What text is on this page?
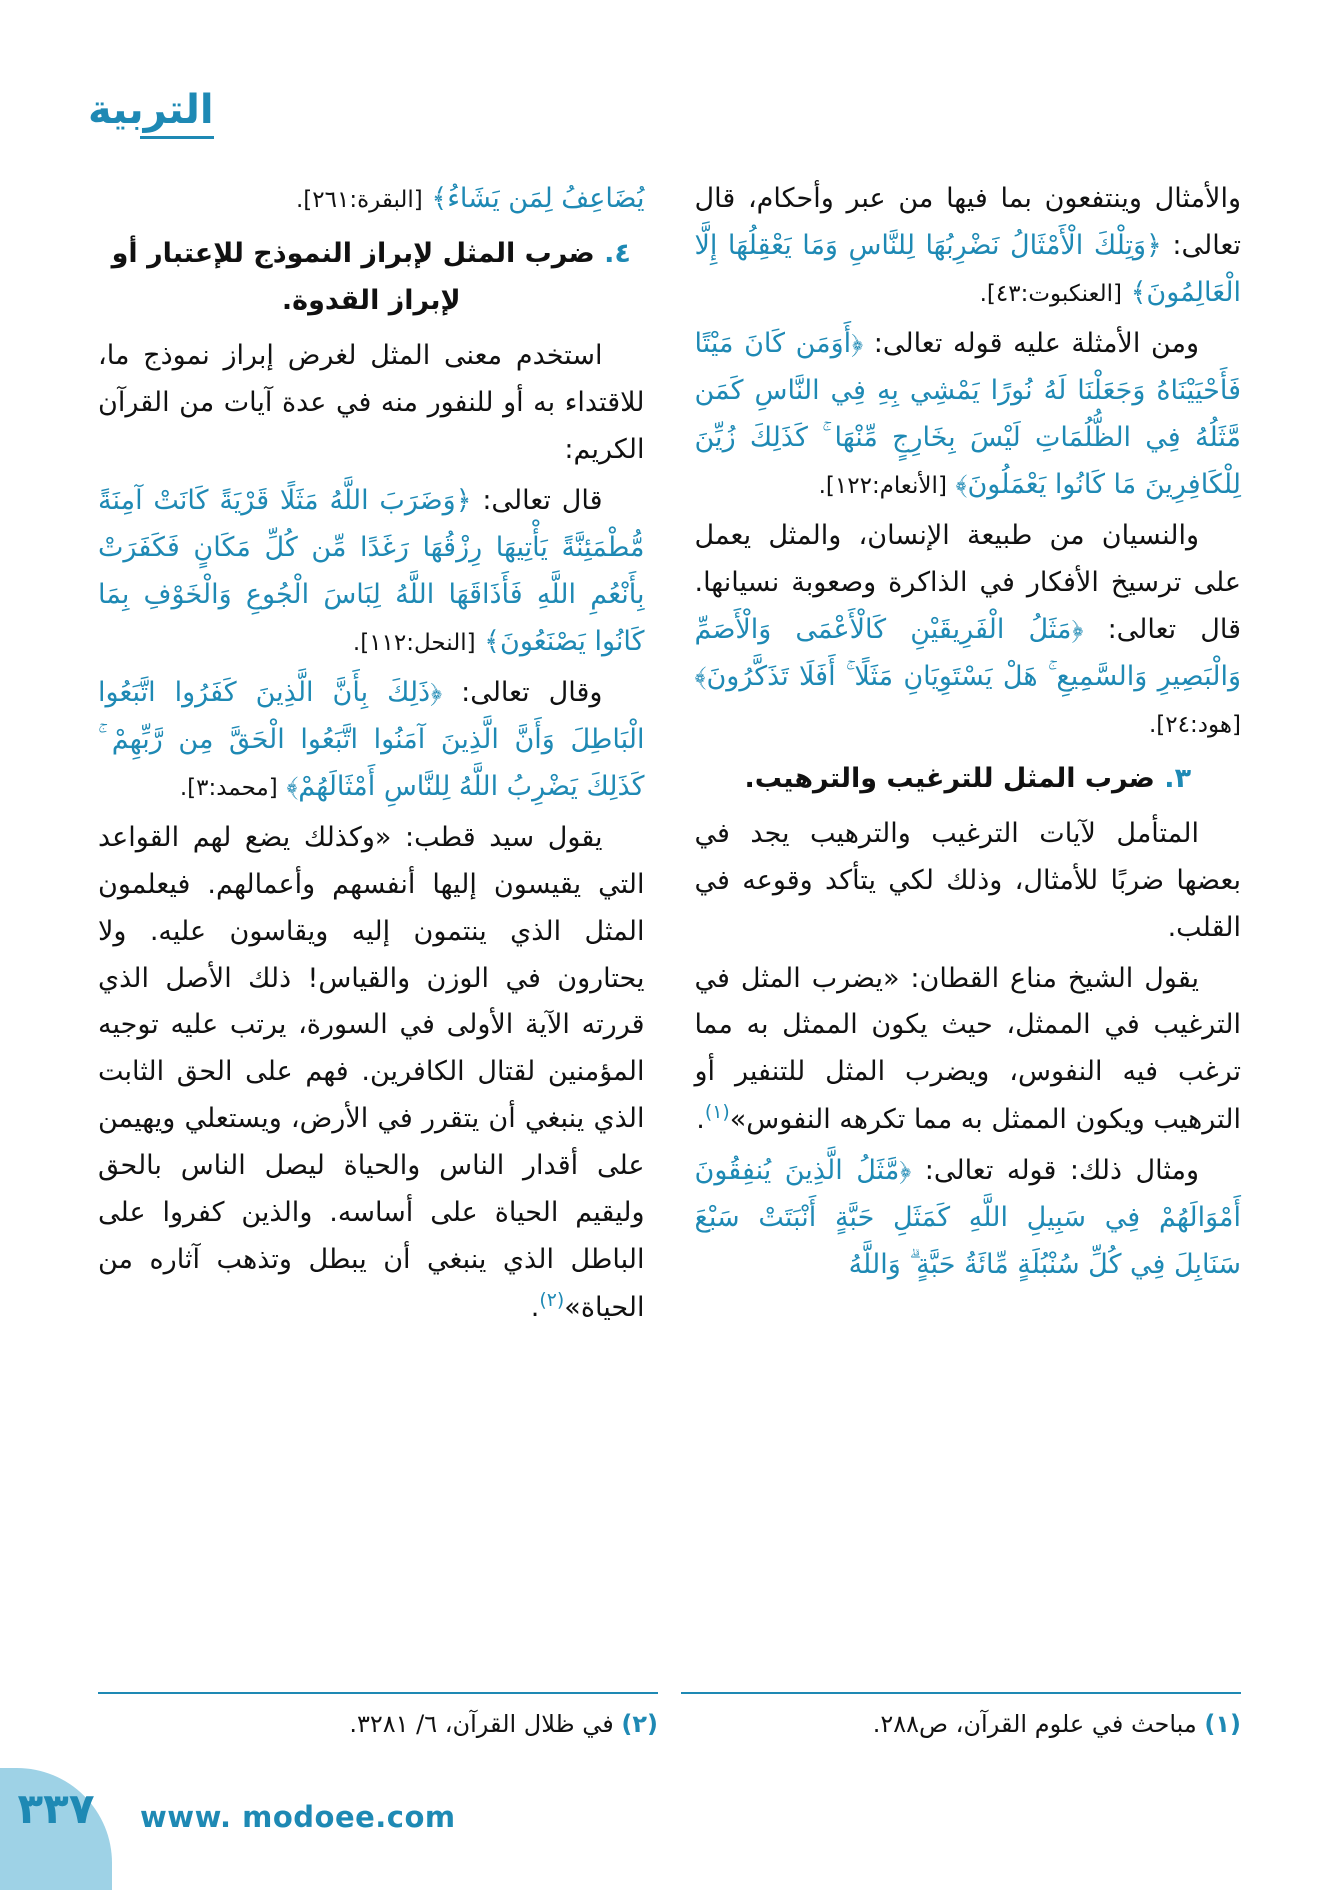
التربية

والأمثال وينتفعون بما فيها من عبر وأحكام، قال تعالى: ﴿وَتِلْكَ الْأَمْثَالُ نَضْرِبُهَا لِلنَّاسِ وَمَا يَعْقِلُهَا إِلَّا الْعَالِمُونَ﴾ [العنكبوت:٤٣].

ومن الأمثلة عليه قوله تعالى: ﴿أَوَمَن كَانَ مَيْتًا فَأَحْيَيْنَاهُ وَجَعَلْنَا لَهُ نُورًا يَمْشِي بِهِ فِي النَّاسِ كَمَن مَّثَلُهُ فِي الظُّلُمَاتِ لَيْسَ بِخَارِجٍ مِّنْهَا ۚ كَذَلِكَ زُيِّنَ لِلْكَافِرِينَ مَا كَانُوا يَعْمَلُونَ﴾ [الأنعام:١٢٢].

والنسيان من طبيعة الإنسان، والمثل يعمل على ترسيخ الأفكار في الذاكرة وصعوبة نسيانها. قال تعالى: ﴿مَثَلُ الْفَرِيقَيْنِ كَالْأَعْمَى وَالْأَصَمِّ وَالْبَصِيرِ وَالسَّمِيعِ ۚ هَلْ يَسْتَوِيَانِ مَثَلًا ۚ أَفَلَا تَذَكَّرُونَ﴾ [هود:٢٤].

٣. ضرب المثل للترغيب والترهيب.

المتأمل لآيات الترغيب والترهيب يجد في بعضها ضربًا للأمثال، وذلك لكي يتأكد وقوعه في القلب.

يقول الشيخ مناع القطان: «يضرب المثل في الترغيب في الممثل، حيث يكون الممثل به مما ترغب فيه النفوس، ويضرب المثل للتنفير أو الترهيب ويكون الممثل به مما تكرهه النفوس»$^{(١)}$.

ومثال ذلك: قوله تعالى: ﴿مَّثَلُ الَّذِينَ يُنفِقُونَ أَمْوَالَهُمْ فِي سَبِيلِ اللَّهِ كَمَثَلِ حَبَّةٍ أَنْبَتَتْ سَبْعَ سَنَابِلَ فِي كُلِّ سُنْبُلَةٍ مِّائَةُ حَبَّةٍ ۗ وَاللَّهُ

يُضَاعِفُ لِمَن يَشَاءُ﴾ [البقرة:٢٦١].

٤. ضرب المثل لإبراز النموذج للإعتبار أو لإبراز القدوة.

استخدم معنى المثل لغرض إبراز نموذج ما، للاقتداء به أو للنفور منه في عدة آيات من القرآن الكريم:

قال تعالى: ﴿وَضَرَبَ اللَّهُ مَثَلًا قَرْيَةً كَانَتْ آمِنَةً مُّطْمَئِنَّةً يَأْتِيهَا رِزْقُهَا رَغَدًا مِّن كُلِّ مَكَانٍ فَكَفَرَتْ بِأَنْعُمِ اللَّهِ فَأَذَاقَهَا اللَّهُ لِبَاسَ الْجُوعِ وَالْخَوْفِ بِمَا كَانُوا يَصْنَعُونَ﴾ [النحل:١١٢].

وقال تعالى: ﴿ذَلِكَ بِأَنَّ الَّذِينَ كَفَرُوا اتَّبَعُوا الْبَاطِلَ وَأَنَّ الَّذِينَ آمَنُوا اتَّبَعُوا الْحَقَّ مِن رَّبِّهِمْ ۚ كَذَلِكَ يَضْرِبُ اللَّهُ لِلنَّاسِ أَمْثَالَهُمْ﴾ [محمد:٣].

يقول سيد قطب: «وكذلك يضع لهم القواعد التي يقيسون إليها أنفسهم وأعمالهم. فيعلمون المثل الذي ينتمون إليه ويقاسون عليه. ولا يحتارون في الوزن والقياس! ذلك الأصل الذي قررته الآية الأولى في السورة، يرتب عليه توجيه المؤمنين لقتال الكافرين. فهم على الحق الثابت الذي ينبغي أن يتقرر في الأرض، ويستعلي ويهيمن على أقدار الناس والحياة ليصل الناس بالحق وليقيم الحياة على أساسه. والذين كفروا على الباطل الذي ينبغي أن يبطل وتذهب آثاره من الحياة»$^{(٢)}$.

(١) مباحث في علوم القرآن، ص٢٨٨.
(٢) في ظلال القرآن، ٦/ ٣٢٨١.
٣٣٧ www. modoee.com
